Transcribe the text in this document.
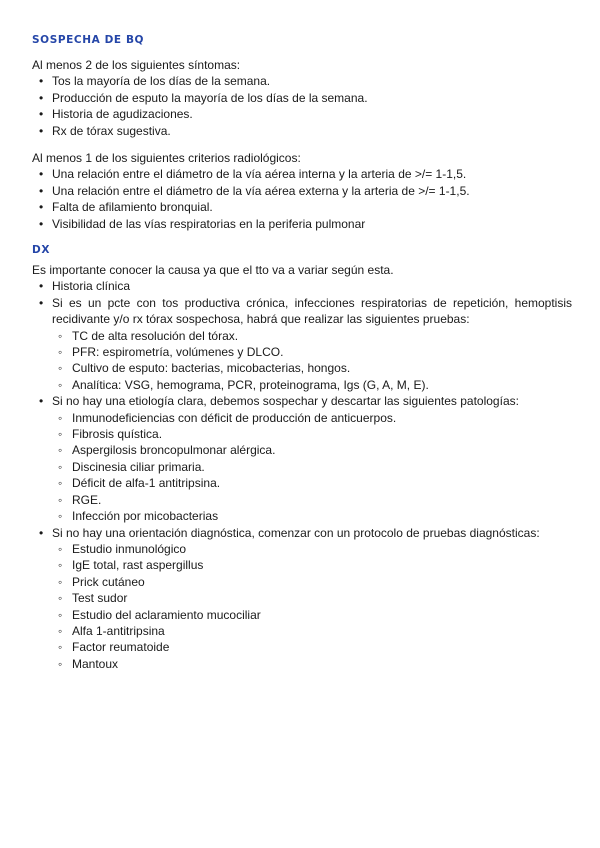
SOSPECHA DE BQ

Al menos 2 de los siguientes síntomas:

• Tos la mayoría de los días de la semana.
• Producción de esputo la mayoría de los días de la semana.
• Historia de agudizaciones.
• Rx de tórax sugestiva.

Al menos 1 de los siguientes criterios radiológicos:

• Una relación entre el diámetro de la vía aérea interna y la arteria de >/= 1-1,5.
• Una relación entre el diámetro de la vía aérea externa y la arteria de >/= 1-1,5.
• Falta de afilamiento bronquial.
• Visibilidad de las vías respiratorias en la periferia pulmonar
DX

Es importante conocer la causa ya que el tto va a variar según esta.

• Historia clínica
• Si es un pcte con tos productiva crónica, infecciones respiratorias de repetición, hemoptisis recidivante y/o rx tórax sospechosa, habrá que realizar las siguientes pruebas:
◦ TC de alta resolución del tórax.
◦ PFR: espirometría, volúmenes y DLCO.
◦ Cultivo de esputo: bacterias, micobacterias, hongos.
◦ Analítica: VSG, hemograma, PCR, proteinograma, Igs (G, A, M, E).
• Si no hay una etiología clara, debemos sospechar y descartar las siguientes patologías:
◦ Inmunodeficiencias con déficit de producción de anticuerpos.
◦ Fibrosis quística.
◦ Aspergilosis broncopulmonar alérgica.
◦ Discinesia ciliar primaria.
◦ Déficit de alfa-1 antitripsina.
◦ RGE.
◦ Infección por micobacterias
• Si no hay una orientación diagnóstica, comenzar con un protocolo de pruebas diagnósticas:
◦ Estudio inmunológico
◦ IgE total, rast aspergillus
◦ Prick cutáneo
◦ Test sudor
◦ Estudio del aclaramiento mucociliar
◦ Alfa 1-antitripsina
◦ Factor reumatoide
◦ Mantoux
